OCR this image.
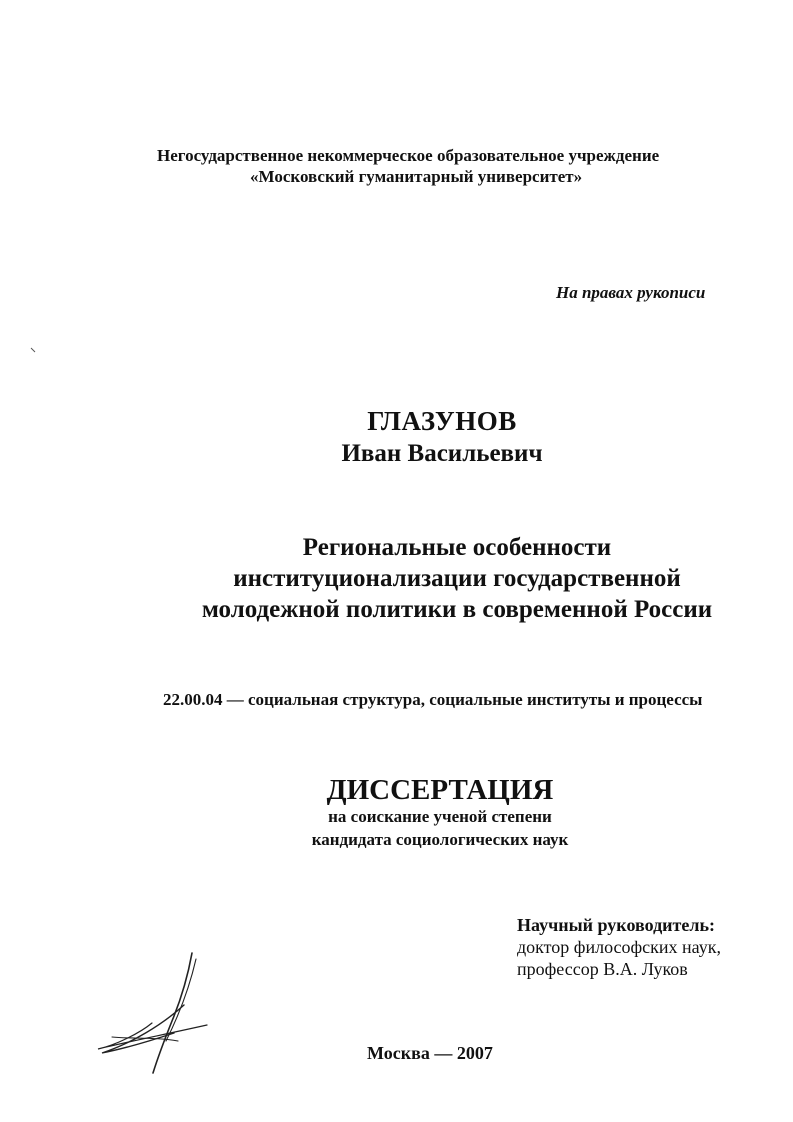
Негосударственное некоммерческое образовательное учреждение
«Московский гуманитарный университет»
На правах рукописи
ГЛАЗУНОВ
Иван Васильевич
Региональные особенности
институционализации государственной
молодежной политики в современной России
22.00.04 — социальная структура, социальные институты и процессы
ДИССЕРТАЦИЯ
на соискание ученой степени
кандидата социологических наук
Научный руководитель:
доктор философских наук,
профессор В.А. Луков
Москва — 2007
